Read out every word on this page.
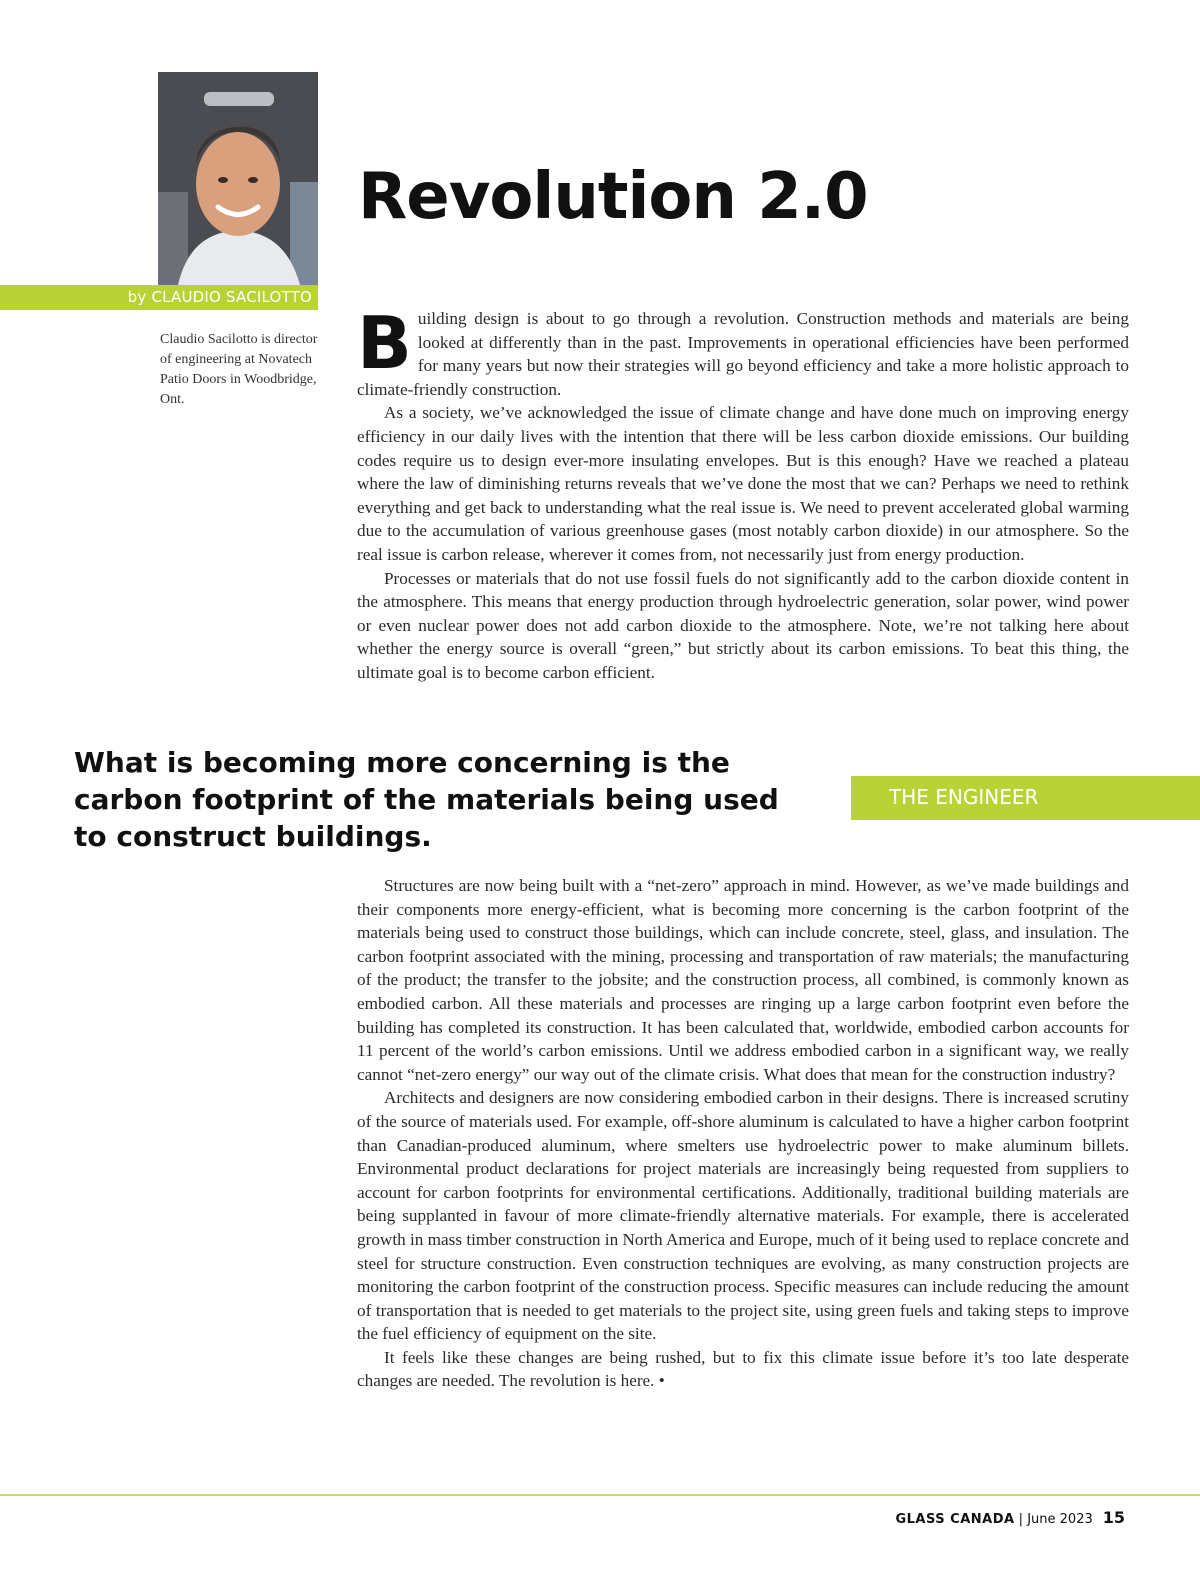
by CLAUDIO SACILOTTO
Claudio Sacilotto is director of engineering at Novatech Patio Doors in Woodbridge, Ont.
Revolution 2.0

Building design is about to go through a revolution. Construction methods and materials are being looked at differently than in the past. Improvements in operational efficiencies have been performed for many years but now their strategies will go beyond efficiency and take a more holistic approach to climate-friendly construction.

As a society, we’ve acknowledged the issue of climate change and have done much on improving energy efficiency in our daily lives with the intention that there will be less carbon dioxide emissions. Our building codes require us to design ever-more insulating envelopes. But is this enough? Have we reached a plateau where the law of diminishing returns reveals that we’ve done the most that we can? Perhaps we need to rethink everything and get back to understanding what the real issue is. We need to prevent accelerated global warming due to the accumulation of various greenhouse gases (most notably carbon dioxide) in our atmosphere. So the real issue is carbon release, wherever it comes from, not necessarily just from energy production.

Processes or materials that do not use fossil fuels do not significantly add to the carbon dioxide content in the atmosphere. This means that energy production through hydroelectric generation, solar power, wind power or even nuclear power does not add carbon dioxide to the atmosphere. Note, we’re not talking here about whether the energy source is overall “green,” but strictly about its carbon emissions. To beat this thing, the ultimate goal is to become carbon efficient.

What is becoming more concerning is the carbon footprint of the materials being used to construct buildings.

THE ENGINEER

Structures are now being built with a “net-zero” approach in mind. However, as we’ve made buildings and their components more energy-efficient, what is becoming more concerning is the carbon footprint of the materials being used to construct those buildings, which can include concrete, steel, glass, and insulation. The carbon footprint associated with the mining, processing and transportation of raw materials; the manufacturing of the product; the transfer to the jobsite; and the construction process, all combined, is commonly known as embodied carbon. All these materials and processes are ringing up a large carbon footprint even before the building has completed its construction. It has been calculated that, worldwide, embodied carbon accounts for 11 percent of the world’s carbon emissions. Until we address embodied carbon in a significant way, we really cannot “net-zero energy” our way out of the climate crisis. What does that mean for the construction industry?

Architects and designers are now considering embodied carbon in their designs. There is increased scrutiny of the source of materials used. For example, off-shore aluminum is calculated to have a higher carbon footprint than Canadian-produced aluminum, where smelters use hydroelectric power to make aluminum billets. Environmental product declarations for project materials are increasingly being requested from suppliers to account for carbon footprints for environmental certifications. Additionally, traditional building materials are being supplanted in favour of more climate-friendly alternative materials. For example, there is accelerated growth in mass timber construction in North America and Europe, much of it being used to replace concrete and steel for structure construction. Even construction techniques are evolving, as many construction projects are monitoring the carbon footprint of the construction process. Specific measures can include reducing the amount of transportation that is needed to get materials to the project site, using green fuels and taking steps to improve the fuel efficiency of equipment on the site.

It feels like these changes are being rushed, but to fix this climate issue before it’s too late desperate changes are needed. The revolution is here. •

GLASS CANADA | June 2023 15
